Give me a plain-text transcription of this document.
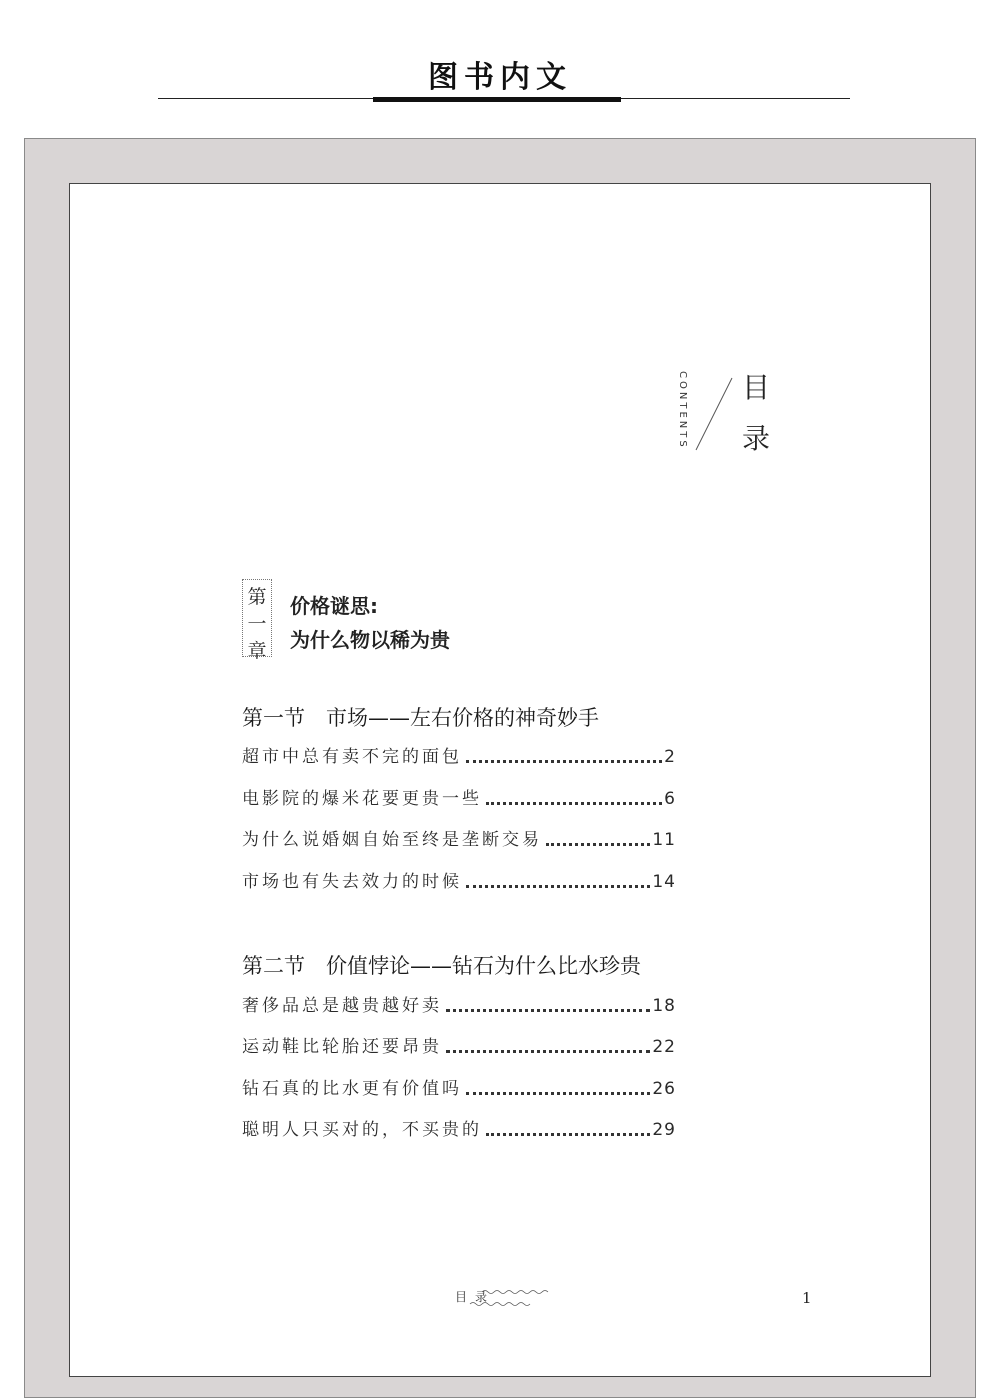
图书内文
CONTENTS 目
录
第
一
章
价格谜思:
为什么物以稀为贵
第一节　市场——左右价格的神奇妙手
超市中总有卖不完的面包	2
电影院的爆米花要更贵一些	6
为什么说婚姻自始至终是垄断交易	11
市场也有失去效力的时候	14
第二节　价值悖论——钻石为什么比水珍贵
奢侈品总是越贵越好卖	18
运动鞋比轮胎还要昂贵	22
钻石真的比水更有价值吗	26
聪明人只买对的，不买贵的	29
目录	1
